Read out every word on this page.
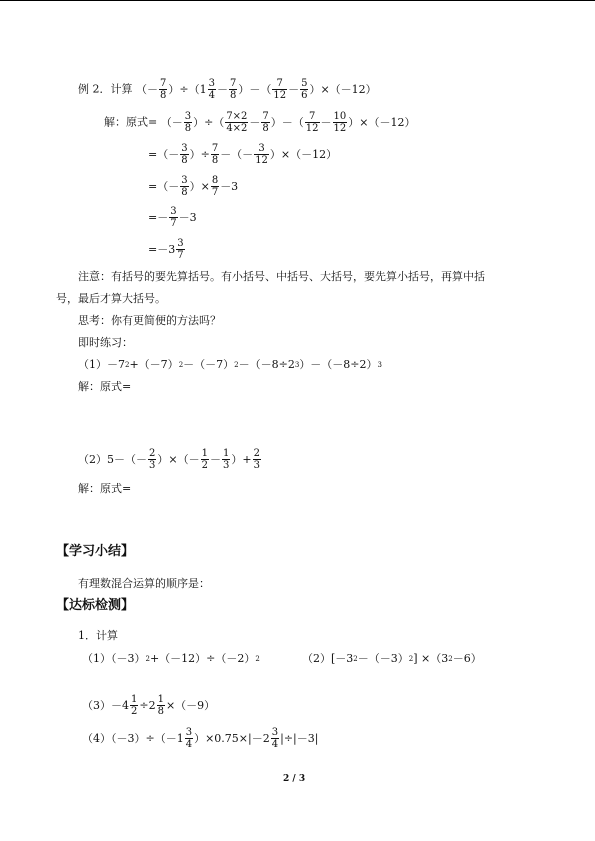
例 2．计算 （ － $\frac{7}{8}$ ）÷（ $1 \frac{3}{4} - \frac{7}{8}$ ）－（ $\frac{7}{12} - \frac{5}{6} )\times(-12)$
解：原式= （－ $\frac{3}{8}$ ）÷（ $\frac{7\times 2}{4\times 2} - \frac{7}{8}$ ）－（ $\frac{7}{12} - \frac{10}{12} )\times(-12)$
=（－ $\frac{3}{8}$ ）÷ $\frac{7}{8}$ －（－ $\frac{3}{12} )\times(-12)$
=（－ $\frac{3}{8}$ ）× $\frac{8}{7} -3$
=－ $\frac{3}{7} -3$
=－ $3 \frac{3}{7}$
注意：有括号的要先算括号。有小括号、中括号、大括号，要先算小括号，再算中括
号，最后才算大括号。
思考：你有更简便的方法吗？
即时练习：
（1）－7 2 +（－7） 2 －（－7） 2 －（－8÷2 3 ）－（－8÷2） 3
解：原式=
$(2)5-(- \frac{2}{3}$ ）×（－ $\frac{1}{2} - \frac{1}{3}$ ）+ $\frac{2}{3}$
解：原式=
【学习小结】
有理数混合运算的顺序是：
【达标检测】
1．计算
（1）（－3） 2 +（－12）÷（－2） 2	（2）[－3 2 －（－3） 2 ] ×（3 2 －6）
$(3)- 4 \frac{1}{2} \div 2 \frac{1}{8} \times(-9)$
$(4)(-3)\div(- 1 \frac{3}{4} )\times 0.75\times|- 2 \frac{3}{4} |\div|-3|$
2 / 3
